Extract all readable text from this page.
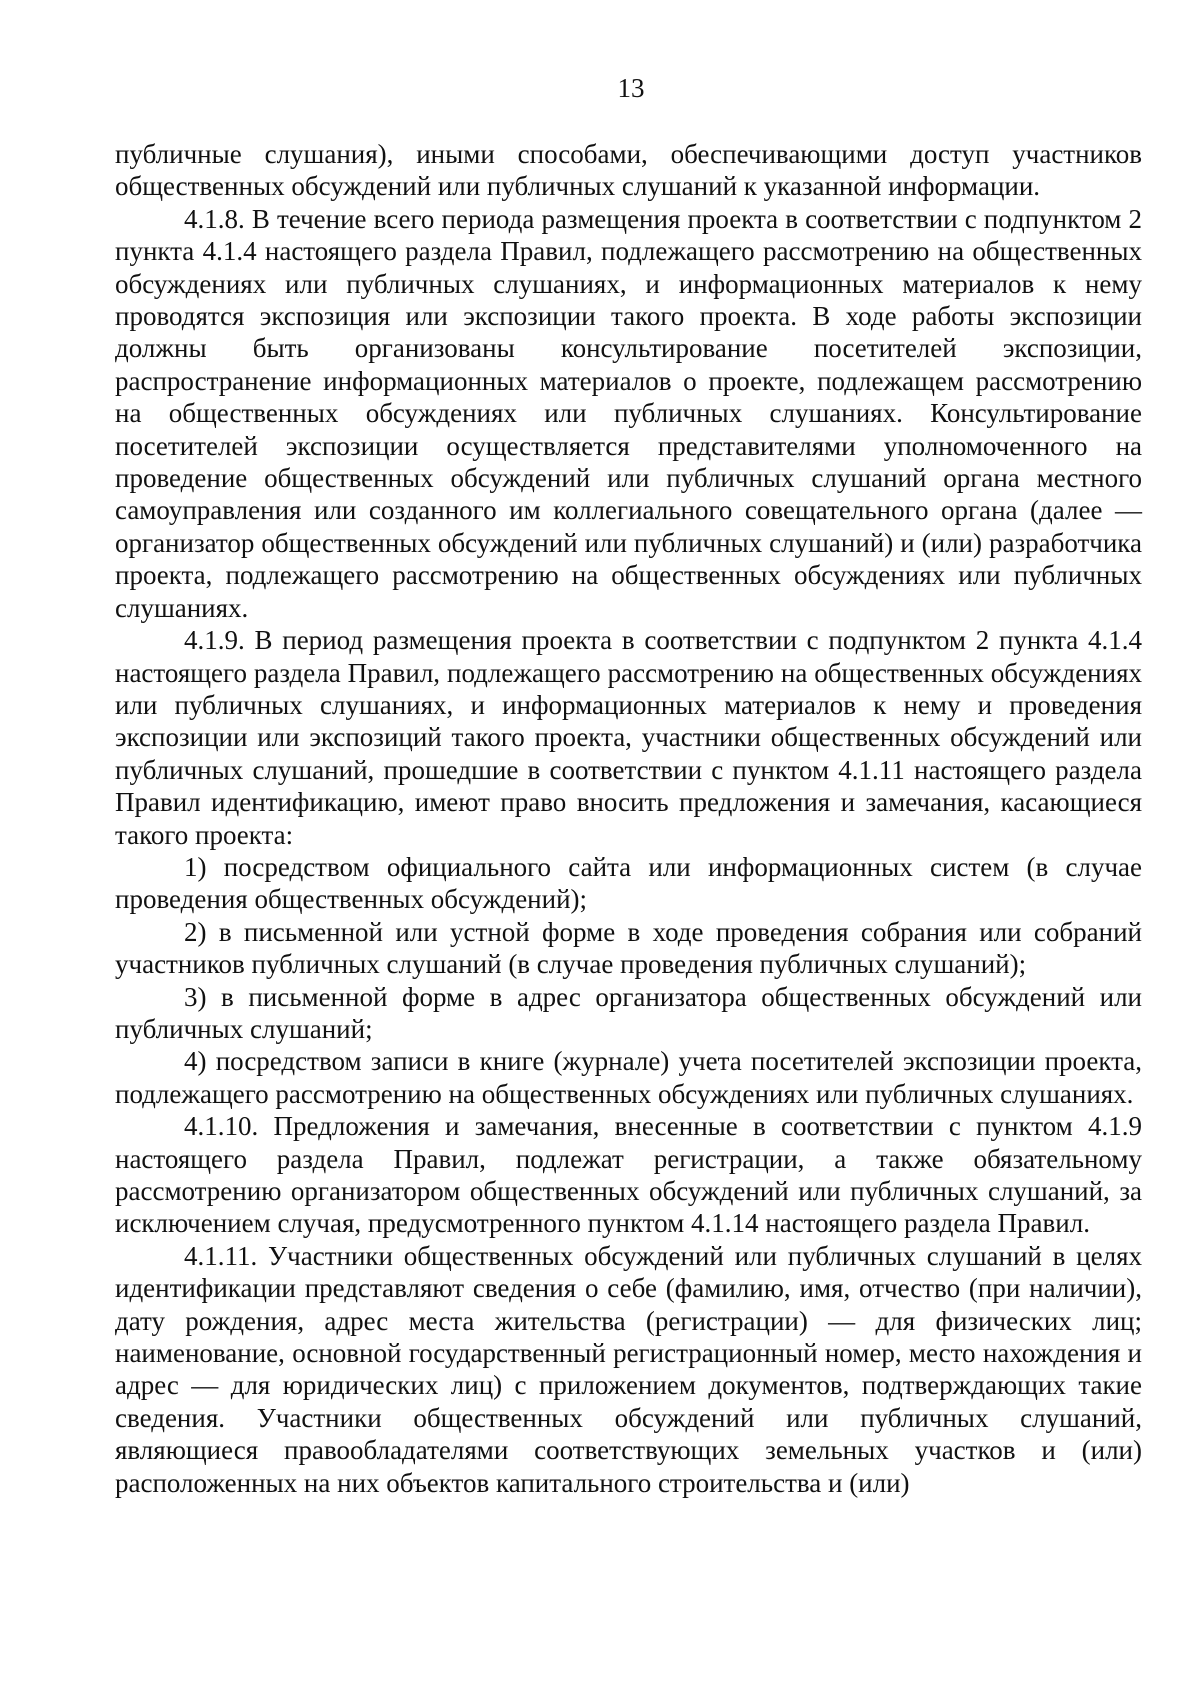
13

публичные слушания), иными способами, обеспечивающими доступ участников общественных обсуждений или публичных слушаний к указанной информации.

4.1.8. В течение всего периода размещения проекта в соответствии с подпунктом 2 пункта 4.1.4 настоящего раздела Правил, подлежащего рассмотрению на общественных обсуждениях или публичных слушаниях, и информационных материалов к нему проводятся экспозиция или экспозиции такого проекта. В ходе работы экспозиции должны быть организованы консультирование посетителей экспозиции, распространение информационных материалов о проекте, подлежащем рассмотрению на общественных обсуждениях или публичных слушаниях. Консультирование посетителей экспозиции осуществляется представителями уполномоченного на проведение общественных обсуждений или публичных слушаний органа местного самоуправления или созданного им коллегиального совещательного органа (далее — организатор общественных обсуждений или публичных слушаний) и (или) разработчика проекта, подлежащего рассмотрению на общественных обсуждениях или публичных слушаниях.

4.1.9. В период размещения проекта в соответствии с подпунктом 2 пункта 4.1.4 настоящего раздела Правил, подлежащего рассмотрению на общественных обсуждениях или публичных слушаниях, и информационных материалов к нему и проведения экспозиции или экспозиций такого проекта, участники общественных обсуждений или публичных слушаний, прошедшие в соответствии с пунктом 4.1.11 настоящего раздела Правил идентификацию, имеют право вносить предложения и замечания, касающиеся такого проекта:

1) посредством официального сайта или информационных систем (в случае проведения общественных обсуждений);

2) в письменной или устной форме в ходе проведения собрания или собраний участников публичных слушаний (в случае проведения публичных слушаний);

3) в письменной форме в адрес организатора общественных обсуждений или публичных слушаний;

4) посредством записи в книге (журнале) учета посетителей экспозиции проекта, подлежащего рассмотрению на общественных обсуждениях или публичных слушаниях.

4.1.10. Предложения и замечания, внесенные в соответствии с пунктом 4.1.9 настоящего раздела Правил, подлежат регистрации, а также обязательному рассмотрению организатором общественных обсуждений или публичных слушаний, за исключением случая, предусмотренного пунктом 4.1.14 настоящего раздела Правил.

4.1.11. Участники общественных обсуждений или публичных слушаний в целях идентификации представляют сведения о себе (фамилию, имя, отчество (при наличии), дату рождения, адрес места жительства (регистрации) — для физических лиц; наименование, основной государственный регистрационный номер, место нахождения и адрес — для юридических лиц) с приложением документов, подтверждающих такие сведения. Участники общественных обсуждений или публичных слушаний, являющиеся правообладателями соответствующих земельных участков и (или) расположенных на них объектов капитального строительства и (или)
